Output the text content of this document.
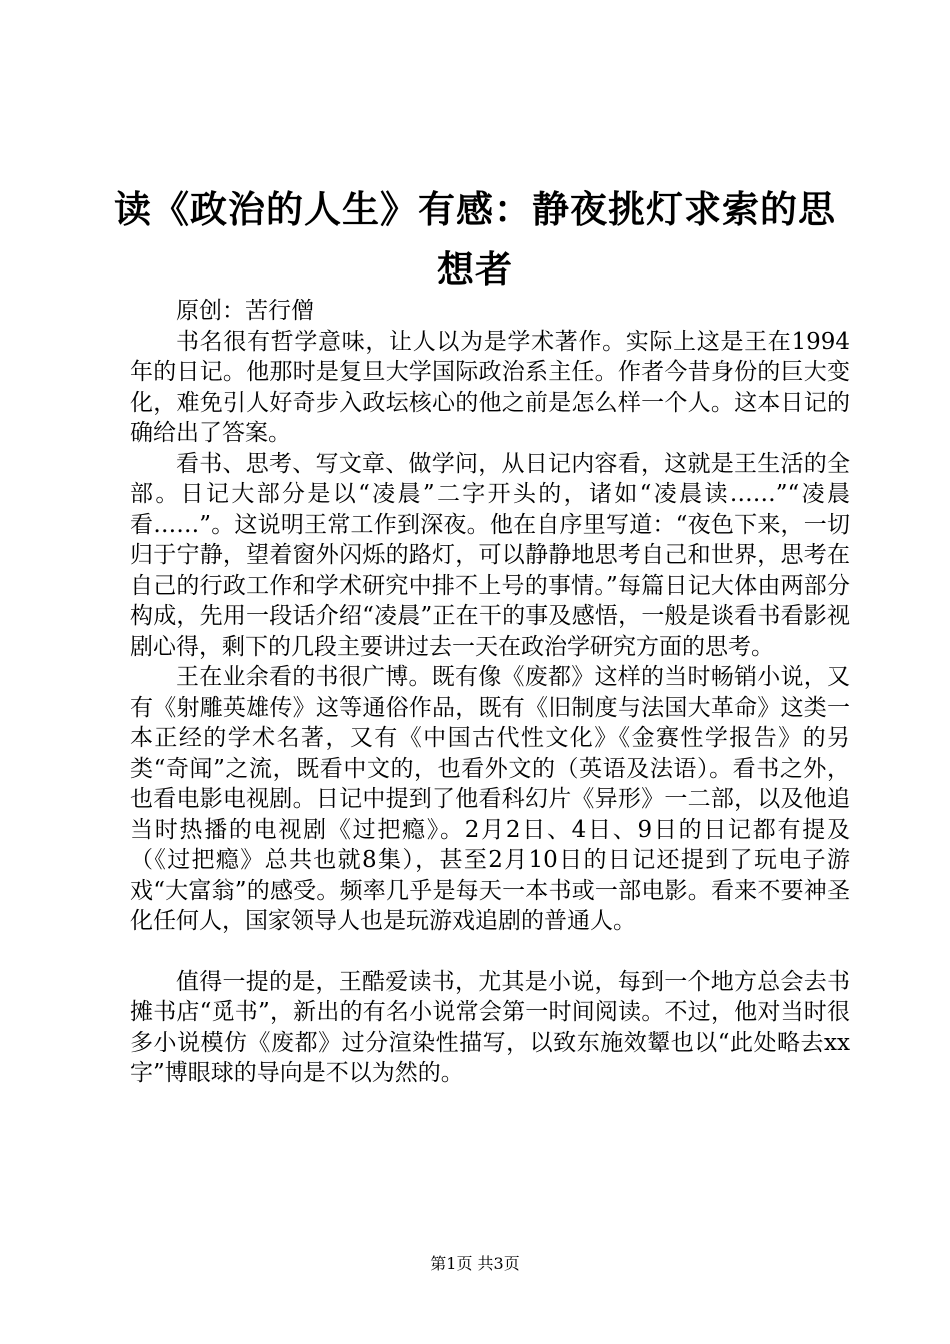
读《政治的人生》有感：静夜挑灯求索的思想者

原创：苦行僧

书名很有哲学意味，让人以为是学术著作。实际上这是王在1994年的日记。他那时是复旦大学国际政治系主任。作者今昔身份的巨大变化，难免引人好奇步入政坛核心的他之前是怎么样一个人。这本日记的确给出了答案。

看书、思考、写文章、做学问，从日记内容看，这就是王生活的全部。日记大部分是以“凌晨”二字开头的，诸如“凌晨读……”“凌晨看……”。这说明王常工作到深夜。他在自序里写道：“夜色下来，一切归于宁静，望着窗外闪烁的路灯，可以静静地思考自己和世界，思考在自己的行政工作和学术研究中排不上号的事情。”每篇日记大体由两部分构成，先用一段话介绍“凌晨”正在干的事及感悟，一般是谈看书看影视剧心得，剩下的几段主要讲过去一天在政治学研究方面的思考。

王在业余看的书很广博。既有像《废都》这样的当时畅销小说，又有《射雕英雄传》这等通俗作品，既有《旧制度与法国大革命》这类一本正经的学术名著，又有《中国古代性文化》《金赛性学报告》的另类“奇闻”之流，既看中文的，也看外文的（英语及法语）。看书之外，也看电影电视剧。日记中提到了他看科幻片《异形》一二部，以及他追当时热播的电视剧《过把瘾》。2月2日、4日、9日的日记都有提及（《过把瘾》总共也就8集），甚至2月10日的日记还提到了玩电子游戏“大富翁”的感受。频率几乎是每天一本书或一部电影。看来不要神圣化任何人，国家领导人也是玩游戏追剧的普通人。

值得一提的是，王酷爱读书，尤其是小说，每到一个地方总会去书摊书店“觅书”，新出的有名小说常会第一时间阅读。不过，他对当时很多小说模仿《废都》过分渲染性描写，以致东施效颦也以“此处略去xx字”博眼球的导向是不以为然的。

第1页 共3页
